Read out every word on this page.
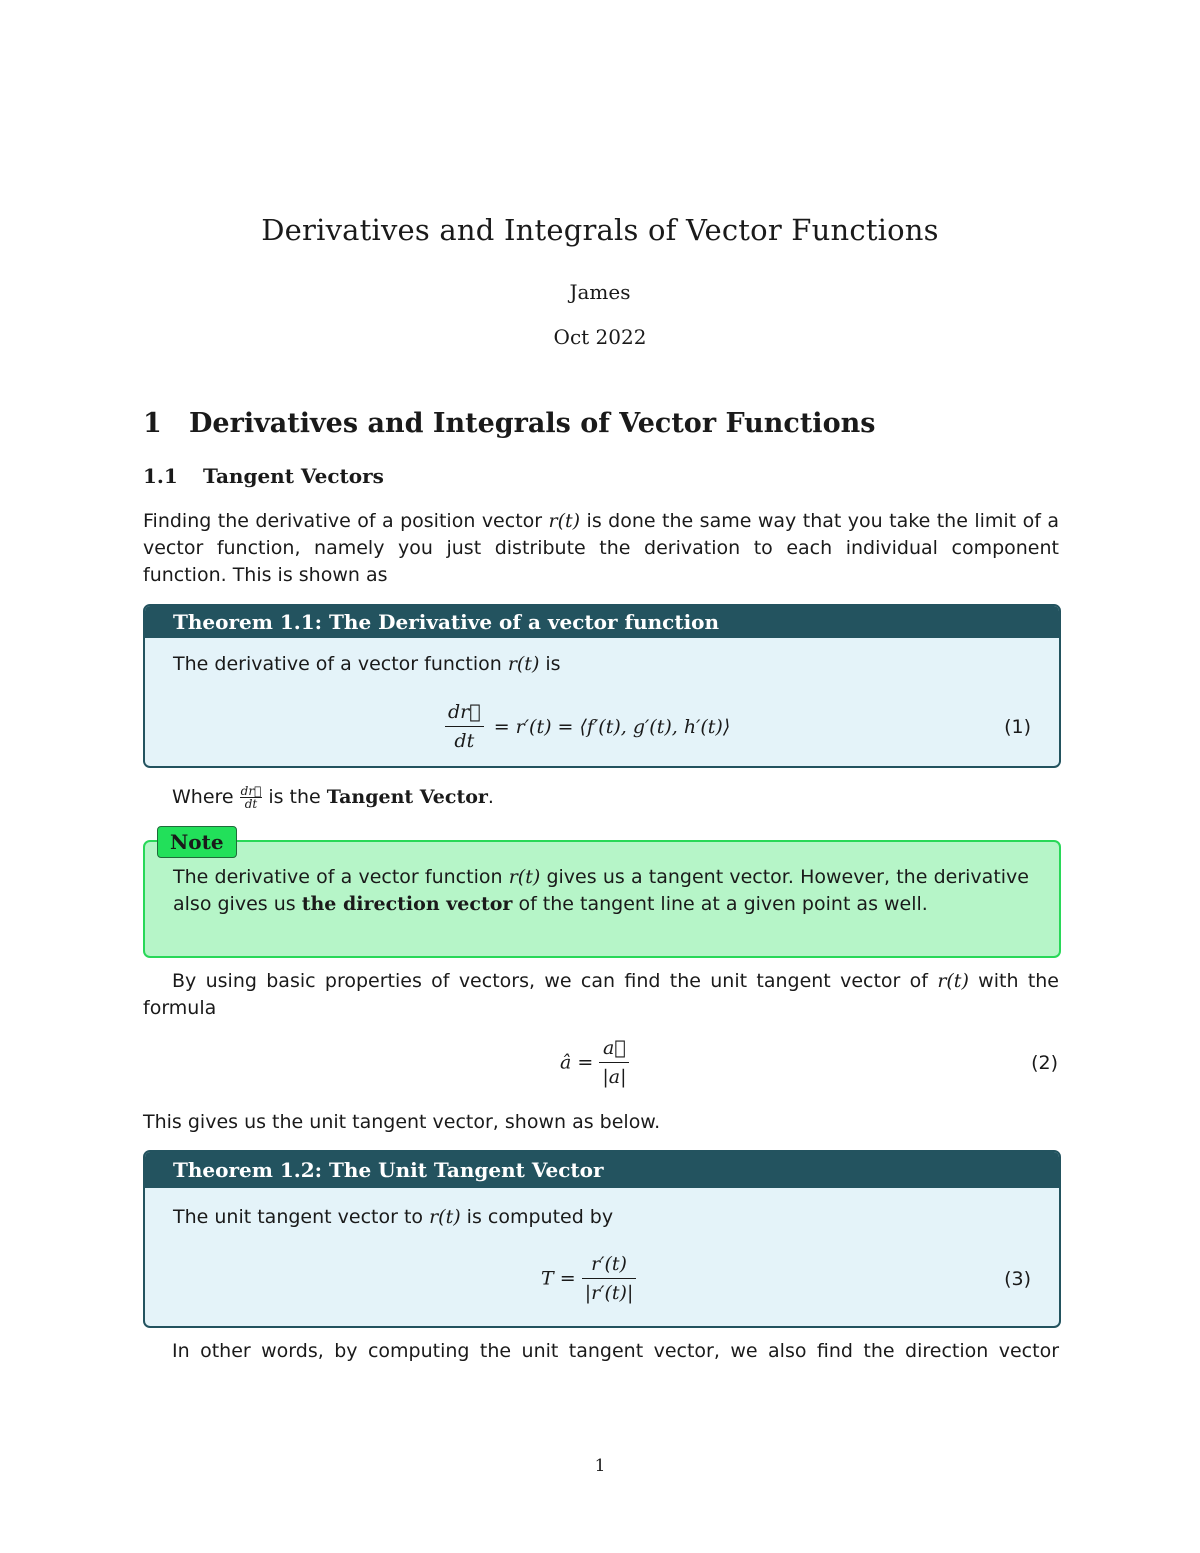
Derivatives and Integrals of Vector Functions
James
Oct 2022
1 Derivatives and Integrals of Vector Functions
1.1 Tangent Vectors
Finding the derivative of a position vector r(t) is done the same way that you take the limit of a vector function, namely you just distribute the derivation to each individual component function. This is shown as
Theorem 1.1: The Derivative of a vector function
The derivative of a vector function r(t) is
$\frac{dr⃗}{dt} = r'(t)$ = ⟨f′(t), g′(t), h′(t)⟩	(1)
Where $\frac{dr⃗}{dt}$ is the Tangent Vector.
The derivative of a vector function r(t) gives us a tangent vector. However, the derivative also gives us the direction vector of the tangent line at a given point as well.
Note
By using basic properties of vectors, we can find the unit tangent vector of r(t) with the formula
â = $\frac{a⃗}{|a|}$	(2)
This gives us the unit tangent vector, shown as below.
Theorem 1.2: The Unit Tangent Vector
The unit tangent vector to r(t) is computed by
$T = \frac{r'(t)}{|r'(t)|}$	(3)
In other words, by computing the unit tangent vector, we also find the direction vector
1
